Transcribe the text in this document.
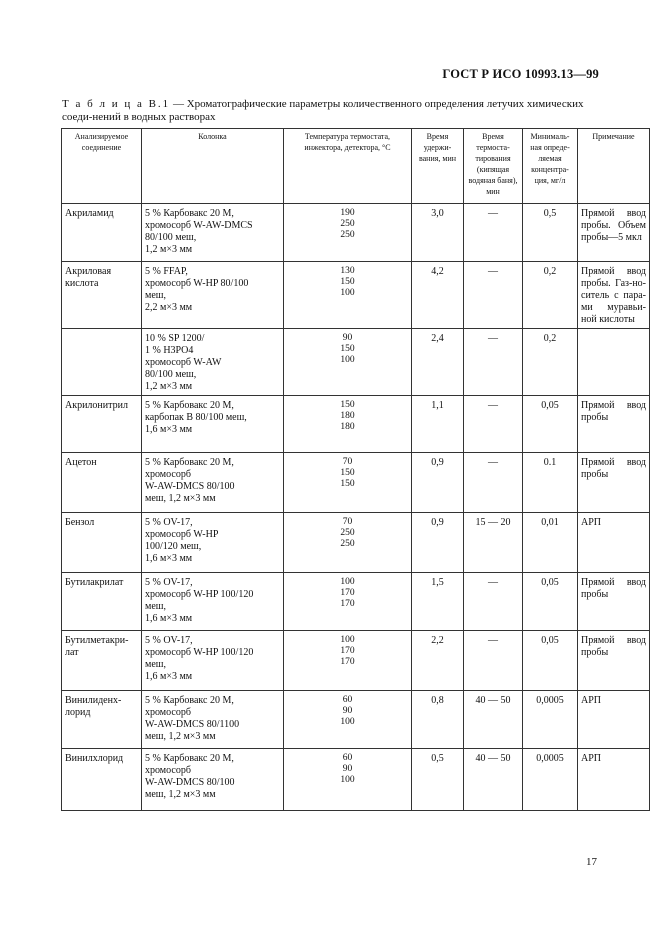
ГОСТ Р ИСО 10993.13—99
Т а б л и ц а В.1 — Хроматографические параметры количественного определения летучих химических соеди-нений в водных растворах
Анализируемое соединение	Колонка	Температура термостата, инжектора, детектора, °С	Время удержи-вания, мин	Время термоста-тирования (кипящая водяная баня), мин	Минималь-ная опреде-ляемая концентра-ция, мг/л	Примечание

Акриламид	5 % Карбовакс 20 М,
хромосорб W-AW-DMCS
80/100 меш,
1,2 м×3 мм	190
250
250	3,0	—	0,5	Прямой ввод пробы. Объем пробы—5 мкл

Акриловая
кислота	5 % FFAP,
хромосорб W-HP 80/100
меш,
2,2 м×3 мм	130
150
100	4,2	—	0,2	Прямой ввод пробы. Газ-но-ситель с пара-ми муравьи-ной кислоты

	10 % SP 1200/
1 % H3PO4
хромосорб W-AW
80/100 меш,
1,2 м×3 мм	90
150
100	2,4	—	0,2	

Акрилонитрил	5 % Карбовакс 20 М,
карбопак В 80/100 меш,
1,6 м×3 мм	150
180
180	1,1	—	0,05	Прямой ввод пробы

Ацетон	5 % Карбовакс 20 М,
хромосорб
W-AW-DMCS 80/100
меш, 1,2 м×3 мм	70
150
150	0,9	—	0.1	Прямой ввод пробы

Бензол	5 % OV-17,
хромосорб W-HP
100/120 меш,
1,6 м×3 мм	70
250
250	0,9	15 — 20	0,01	АРП

Бутилакрилат	5 % OV-17,
хромосорб W-HP 100/120
меш,
1,6 м×3 мм	100
170
170	1,5	—	0,05	Прямой ввод пробы

Бутилметакри-
лат	5 % OV-17,
хромосорб W-HP 100/120
меш,
1,6 м×3 мм	100
170
170	2,2	—	0,05	Прямой ввод пробы

Винилиденх-
лорид	5 % Карбовакс 20 М,
хромосорб
W-AW-DMCS 80/1100
меш, 1,2 м×3 мм	60
90
100	0,8	40 — 50	0,0005	АРП

Винилхлорид	5 % Карбовакс 20 М,
хромосорб
W-AW-DMCS 80/100
меш, 1,2 м×3 мм	60
90
100	0,5	40 — 50	0,0005	АРП
17
